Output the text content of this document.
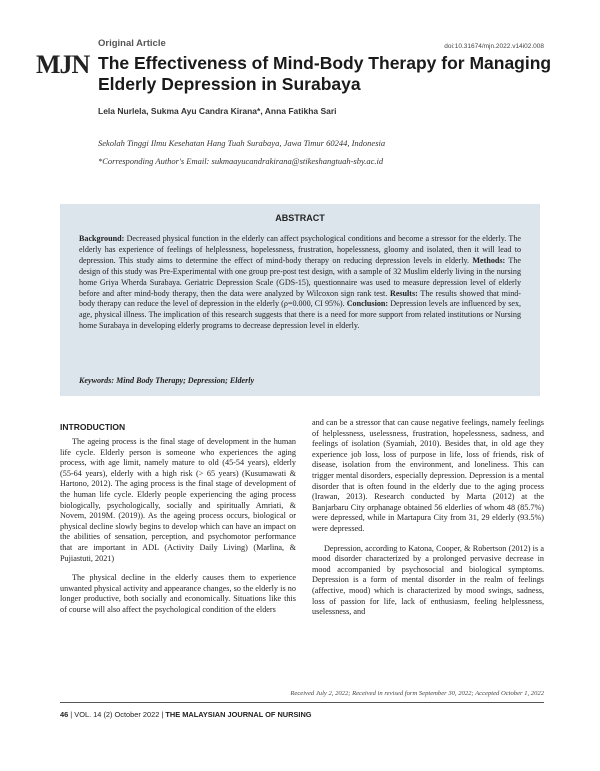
MJN
Original Article	doi:10.31674/mjn.2022.v14i02.008
The Effectiveness of Mind-Body Therapy for Managing Elderly Depression in Surabaya
Lela Nurlela, Sukma Ayu Candra Kirana*, Anna Fatikha Sari
Sekolah Tinggi Ilmu Kesehatan Hang Tuah Surabaya, Jawa Timur 60244, Indonesia
*Corresponding Author's Email: sukmaayucandrakirana@stikeshangtuah-sby.ac.id
ABSTRACT
Background: Decreased physical function in the elderly can affect psychological conditions and become a stressor for the elderly. The elderly has experience of feelings of helplessness, hopelessness, frustration, hopelessness, gloomy and isolated, then it will lead to depression. This study aims to determine the effect of mind-body therapy on reducing depression levels in elderly. Methods: The design of this study was Pre-Experimental with one group pre-post test design, with a sample of 32 Muslim elderly living in the nursing home Griya Wherda Surabaya. Geriatric Depression Scale (GDS-15), questionnaire was used to measure depression level of elderly before and after mind-body therapy, then the data were analyzed by Wilcoxon sign rank test. Results: The results showed that mind-body therapy can reduce the level of depression in the elderly (ρ=0.000, CI 95%). Conclusion: Depression levels are influenced by sex, age, physical illness. The implication of this research suggests that there is a need for more support from related institutions or Nursing home Surabaya in developing elderly programs to decrease depression level in elderly.
Keywords: Mind Body Therapy; Depression; Elderly
INTRODUCTION

The ageing process is the final stage of development in the human life cycle. Elderly person is someone who experiences the aging process, with age limit, namely mature to old (45-54 years), elderly (55-64 years), elderly with a high risk (> 65 years) (Kusumawati & Hartono, 2012). The aging process is the final stage of development of the human life cycle. Elderly people experiencing the aging process biologically, psychologically, socially and spiritually Amriati, & Novem, 2019M. (2019)). As the ageing process occurs, biological or physical decline slowly begins to develop which can have an impact on the abilities of sensation, perception, and psychomotor performance that are important in ADL (Activity Daily Living) (Marlina, & Pujiastuti, 2021)

The physical decline in the elderly causes them to experience unwanted physical activity and appearance changes, so the elderly is no longer productive, both socially and economically. Situations like this of course will also affect the psychological condition of the elders

and can be a stressor that can cause negative feelings, namely feelings of helplessness, uselessness, frustration, hopelessness, sadness, and feelings of isolation (Syamiah, 2010). Besides that, in old age they experience job loss, loss of purpose in life, loss of friends, risk of disease, isolation from the environment, and loneliness. This can trigger mental disorders, especially depression. Depression is a mental disorder that is often found in the elderly due to the aging process (Irawan, 2013). Research conducted by Marta (2012) at the Banjarbaru City orphanage obtained 56 elderlies of whom 48 (85.7%) were depressed, while in Martapura City from 31, 29 elderly (93.5%) were depressed.

Depression, according to Katona, Cooper, & Robertson (2012) is a mood disorder characterized by a prolonged pervasive decrease in mood accompanied by psychosocial and biological symptoms. Depression is a form of mental disorder in the realm of feelings (affective, mood) which is characterized by mood swings, sadness, loss of passion for life, lack of enthusiasm, feeling helplessness, uselessness, and

Received July 2, 2022; Received in revised form September 30, 2022; Accepted October 1, 2022
46 | VOL. 14 (2) October 2022 | THE MALAYSIAN JOURNAL OF NURSING
